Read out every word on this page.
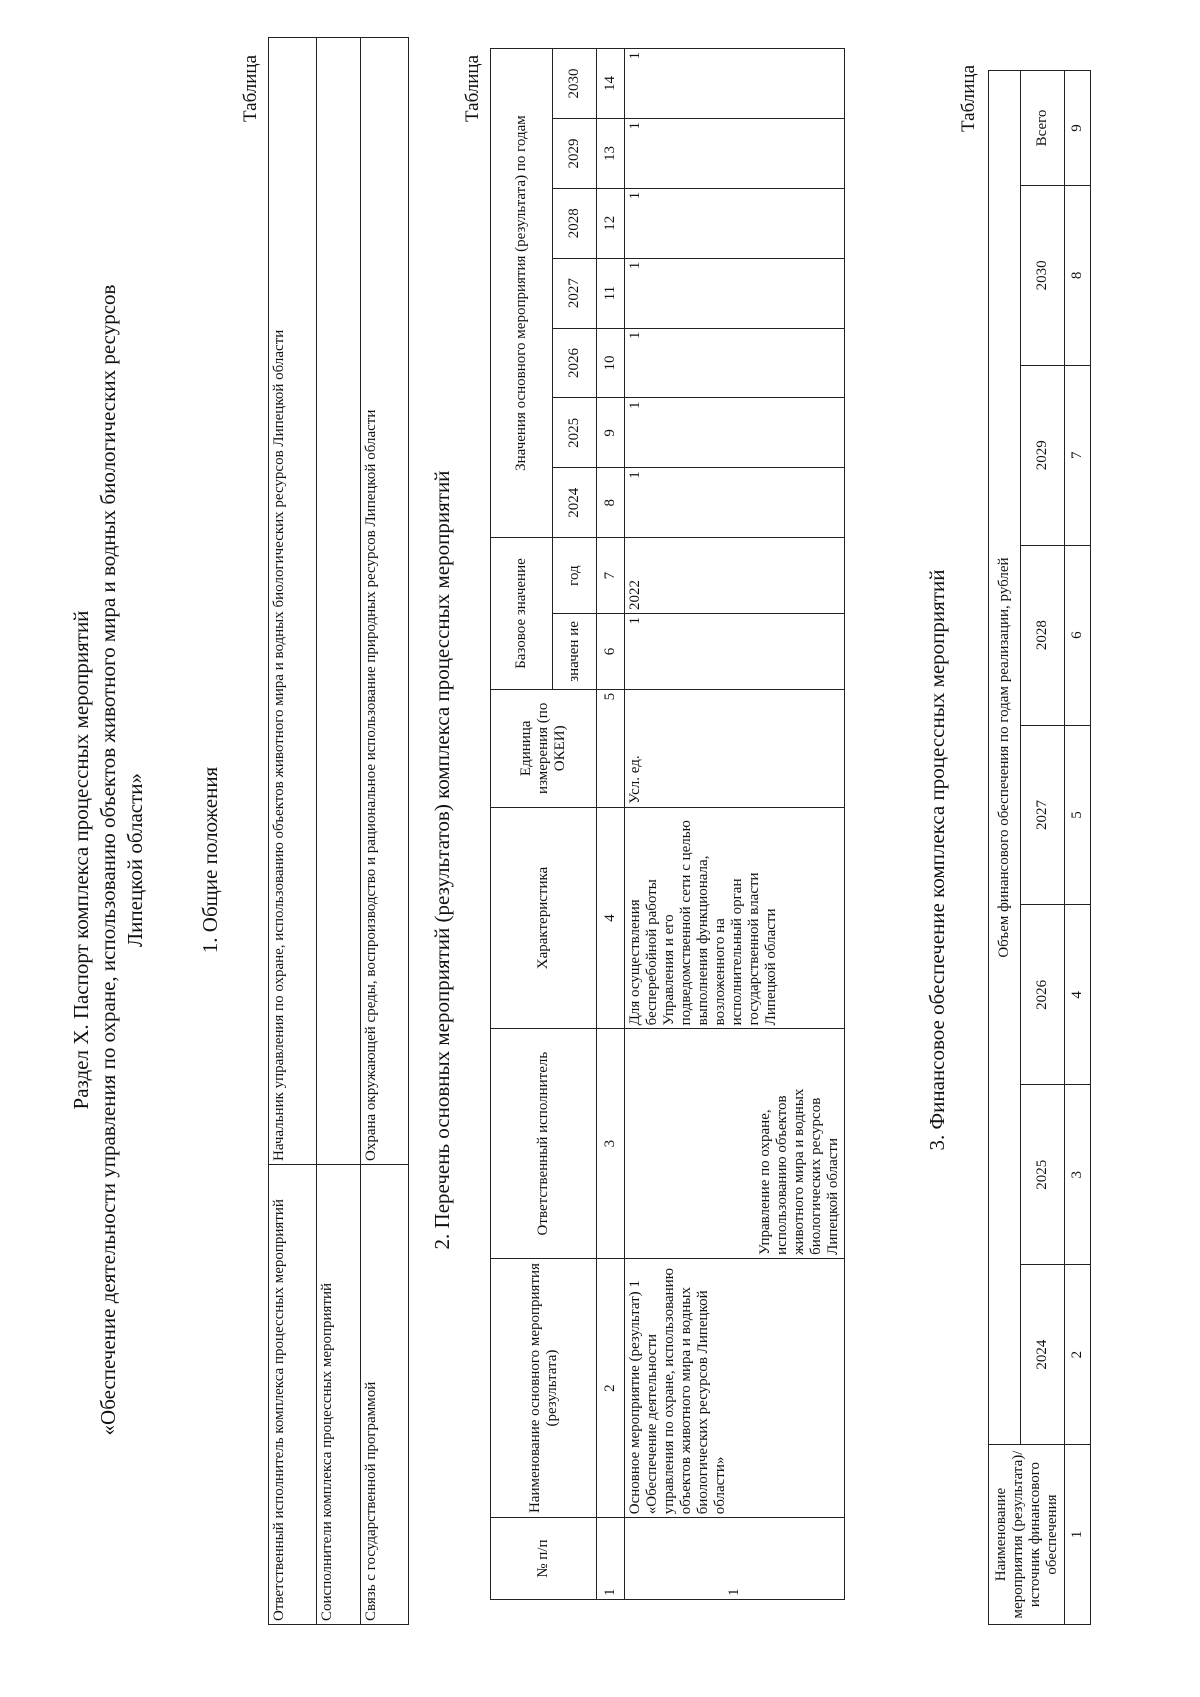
Раздел X. Паспорт комплекса процессных мероприятий «Обеспечение деятельности управления по охране, использованию объектов животного мира и водных биологических ресурсов Липецкой области» 1. Общие положения
Таблица
Ответственный исполнитель комплекса процессных мероприятий	Начальник управления по охране, использованию объектов животного мира и водных биологических ресурсов Липецкой области
Соисполнители комплекса процессных мероприятий	
Связь с государственной программой	Охрана окружающей среды, воспроизводство и рациональное использование природных ресурсов Липецкой области 2. Перечень основных мероприятий (результатов) комплекса процессных мероприятий
Таблица
№ п/п	Наименование основного мероприятия (результата)	Ответственный исполнитель	Характеристика	Единица измерения (по ОКЕИ)	Базовое значение		Значения основного мероприятия (результата) по годам						
					значен ие	год	2024	2025	2026	2027	2028	2029	2030
1	2	3	4	5	6	7	8	9	10	11	12	13	14
1	Основное мероприятие (результат) 1 «Обеспечение деятельности управления по охране, использованию объектов животного мира и водных биологических ресурсов Липецкой области»	Управление по охране, использованию объектов животного мира и водных биологических ресурсов Липецкой области	Для осуществления бесперебойной работы Управления и его подведомственной сети с целью выполнения функционала, возложенного на исполнительный орган государственной власти Липецкой области	Усл. ед.	1	2022	1	1	1	1	1	1	1
3. Финансовое обеспечение комплекса процессных мероприятий
Таблица
Наименование мероприятия (результата)/источник финансового обеспечения	Объем финансового обеспечения по годам реализации, рублей							
	2024	2025	2026	2027	2028	2029	2030	Всего
1	2	3	4	5	6	7	8	9
